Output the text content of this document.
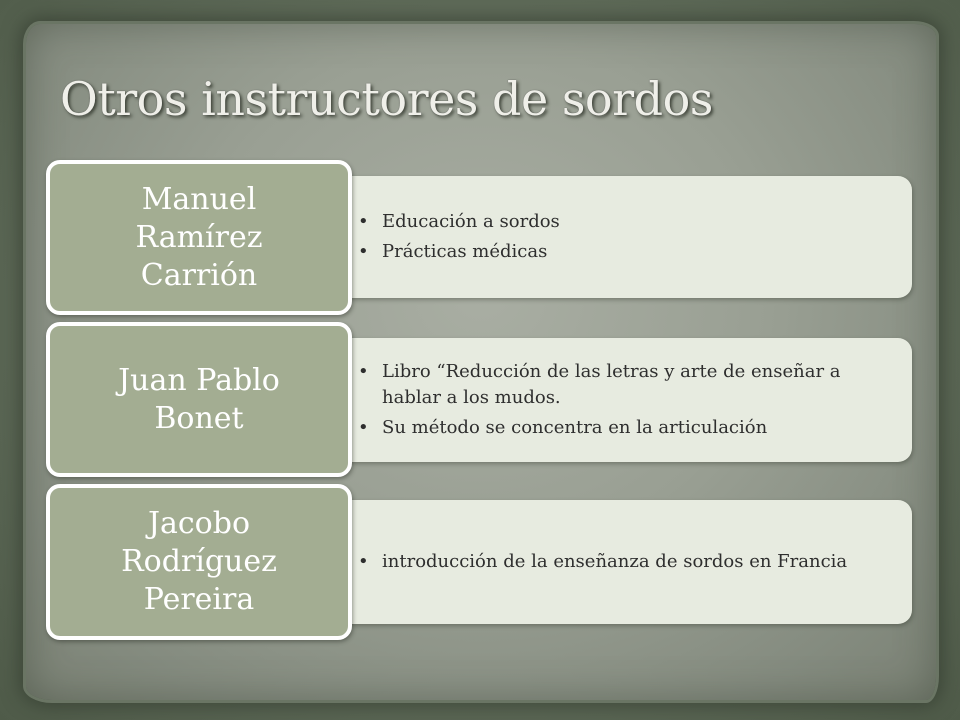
Otros instructores de sordos
• Educación a sordos
• Prácticas médicas
Manuel Ramírez Carrión
• Libro “Reducción de las letras y arte de enseñar a hablar a los mudos.
• Su método se concentra en la articulación
Juan Pablo Bonet
• introducción de la enseñanza de sordos en Francia
Jacobo Rodríguez Pereira
